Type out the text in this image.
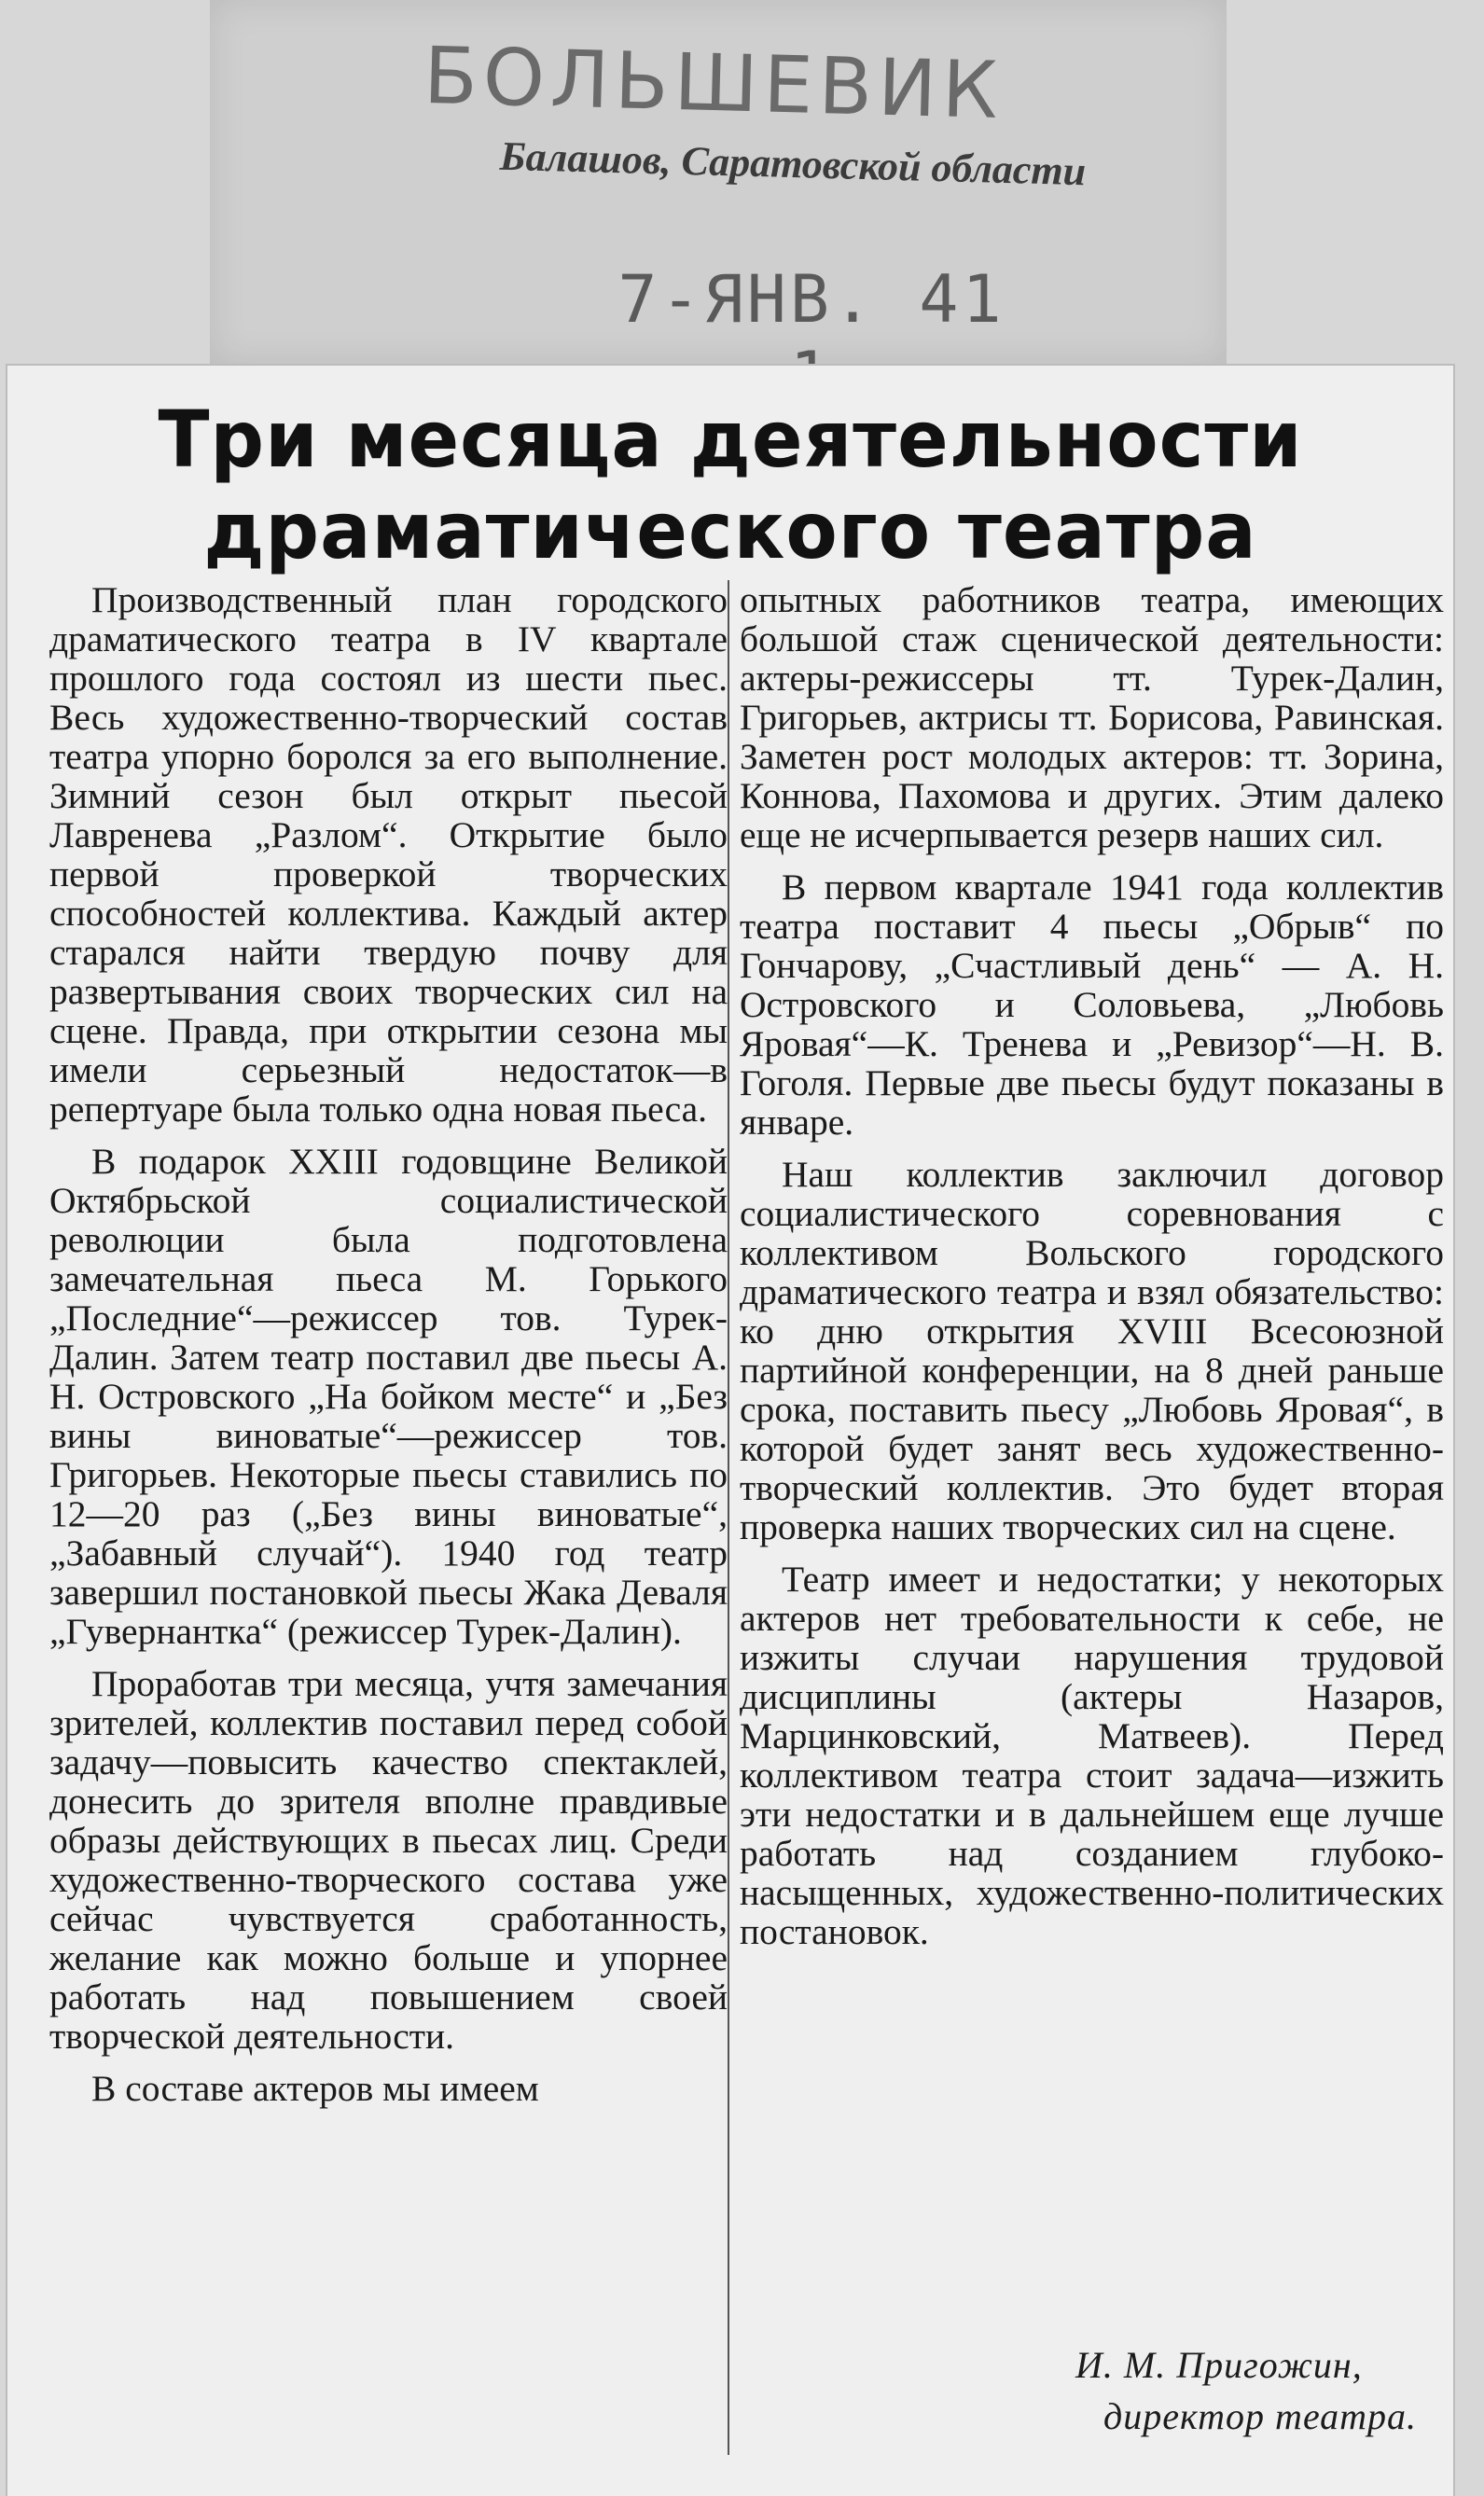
БОЛЬШЕВИК
Балашов, Саратовской области
7-ЯНВ. 41
Три месяца деятельности
драматического театра

Производственный план городского драматического театра в IV квартале прошлого года состоял из шести пьес. Весь художественно-творческий состав театра упорно боролся за его выполнение. Зимний сезон был открыт пьесой Лавренева „Разлом“. Открытие было первой проверкой творческих способностей коллектива. Каждый актер старался найти твердую почву для развертывания своих творческих сил на сцене. Правда, при открытии сезона мы имели серьезный недостаток—в репертуаре была только одна новая пьеса.

В подарок XXIII годовщине Великой Октябрьской социалистической революции была подготовлена замечательная пьеса М. Горького „Последние“—режиссер тов. Турек-Далин. Затем театр поставил две пьесы А. Н. Островского „На бойком месте“ и „Без вины виноватые“—режиссер тов. Григорьев. Некоторые пьесы ставились по 12—20 раз („Без вины виноватые“, „Забавный случай“). 1940 год театр завершил постановкой пьесы Жака Деваля „Гувернантка“ (режиссер Турек-Далин).

Проработав три месяца, учтя замечания зрителей, коллектив поставил перед собой задачу—повысить качество спектаклей, донесить до зрителя вполне правдивые образы действующих в пьесах лиц. Среди художественно-творческого состава уже сейчас чувствуется сработанность, желание как можно больше и упорнее работать над повышением своей творческой деятельности.

В составе актеров мы имеем

опытных работников театра, имеющих большой стаж сценической деятельности: актеры-режиссеры тт. Турек-Далин, Григорьев, актрисы тт. Борисова, Равинская. Заметен рост молодых актеров: тт. Зорина, Коннова, Пахомова и других. Этим далеко еще не исчерпывается резерв наших сил.

В первом квартале 1941 года коллектив театра поставит 4 пьесы „Обрыв“ по Гончарову, „Счастливый день“ — А. Н. Островского и Соловьева, „Любовь Яровая“—К. Тренева и „Ревизор“—Н. В. Гоголя. Первые две пьесы будут показаны в январе.

Наш коллектив заключил договор социалистического соревнования с коллективом Вольского городского драматического театра и взял обязательство: ко дню открытия XVIII Всесоюзной партийной конференции, на 8 дней раньше срока, поставить пьесу „Любовь Яровая“, в которой будет занят весь художественно-творческий коллектив. Это будет вторая проверка наших творческих сил на сцене.

Театр имеет и недостатки; у некоторых актеров нет требовательности к себе, не изжиты случаи нарушения трудовой дисциплины (актеры Назаров, Марцинковский, Матвеев). Перед коллективом театра стоит задача—изжить эти недостатки и в дальнейшем еще лучше работать над созданием глубоко-насыщенных, художественно-политических постановок.

И. М. Пригожин,
директор театра.
